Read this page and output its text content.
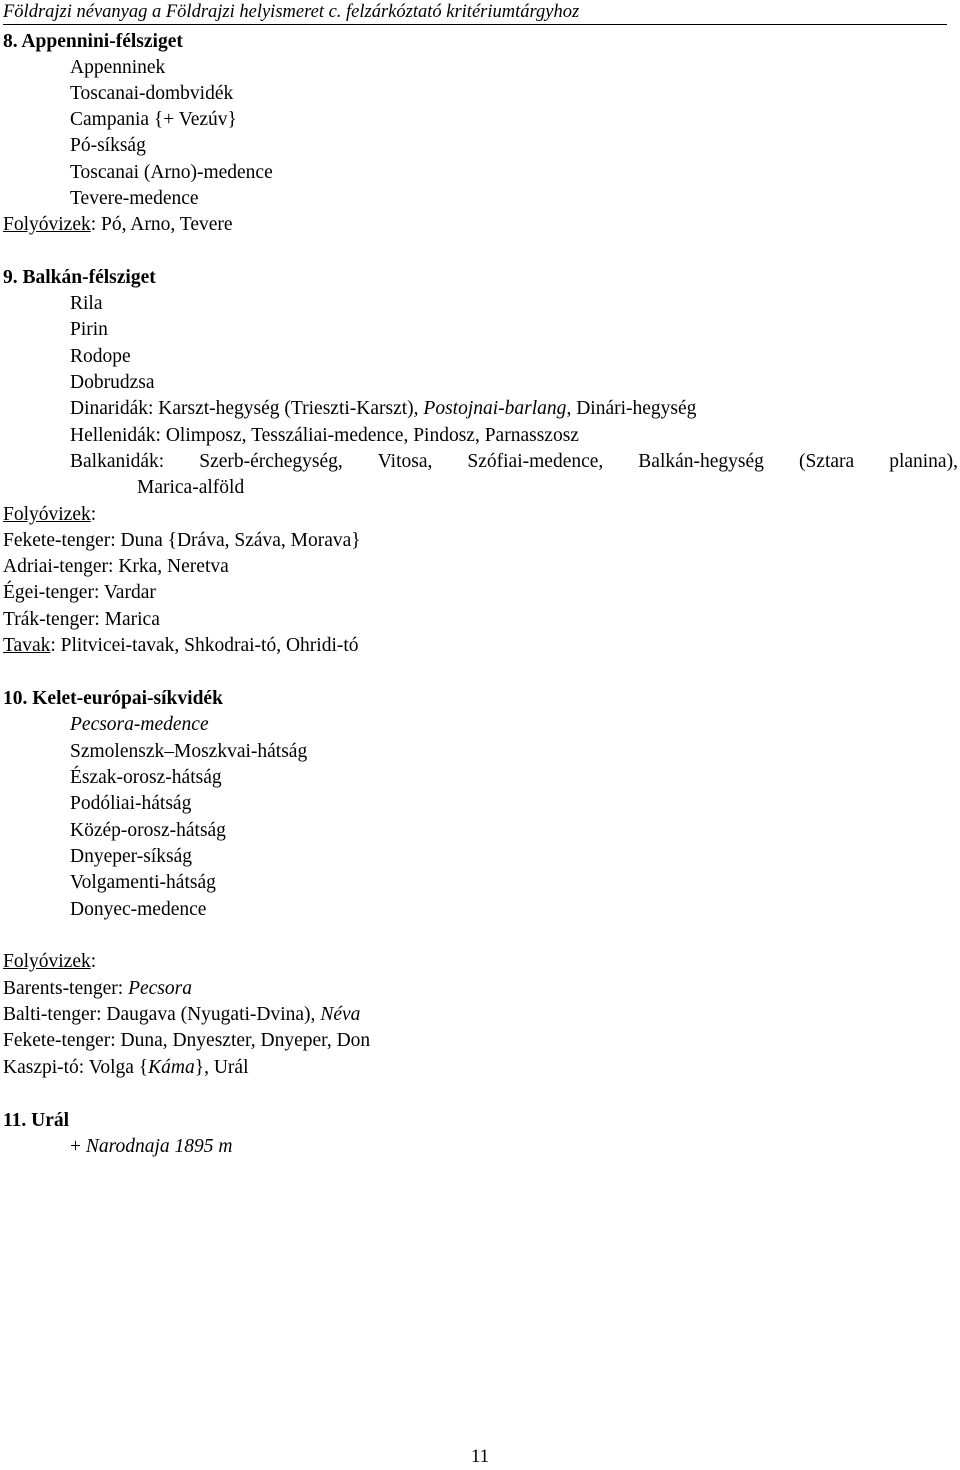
Földrajzi névanyag a Földrajzi helyismeret c. felzárkóztató kritériumtárgyhoz
8. Appennini-félsziget
Appenninek
Toscanai-dombvidék
Campania {+ Vezúv}
Pó-síkság
Toscanai (Arno)-medence
Tevere-medence
Folyóvizek: Pó, Arno, Tevere
9. Balkán-félsziget
Rila
Pirin
Rodope
Dobrudzsa
Dinaridák: Karszt-hegység (Trieszti-Karszt), Postojnai-barlang, Dinári-hegység
Hellenidák: Olimposz, Tesszáliai-medence, Pindosz, Parnasszosz
Balkanidák: Szerb-érchegység, Vitosa, Szófiai-medence, Balkán-hegység (Sztara planina),
Marica-alföld
Folyóvizek:
Fekete-tenger: Duna {Dráva, Száva, Morava}
Adriai-tenger: Krka, Neretva
Égei-tenger: Vardar
Trák-tenger: Marica
Tavak: Plitvicei-tavak, Shkodrai-tó, Ohridi-tó
10. Kelet-európai-síkvidék
Pecsora-medence
Szmolenszk–Moszkvai-hátság
Észak-orosz-hátság
Podóliai-hátság
Közép-orosz-hátság
Dnyeper-síkság
Volgamenti-hátság
Donyec-medence
Folyóvizek:
Barents-tenger: Pecsora
Balti-tenger: Daugava (Nyugati-Dvina), Néva
Fekete-tenger: Duna, Dnyeszter, Dnyeper, Don
Kaszpi-tó: Volga {Káma}, Urál
11. Urál
+ Narodnaja 1895 m
11
